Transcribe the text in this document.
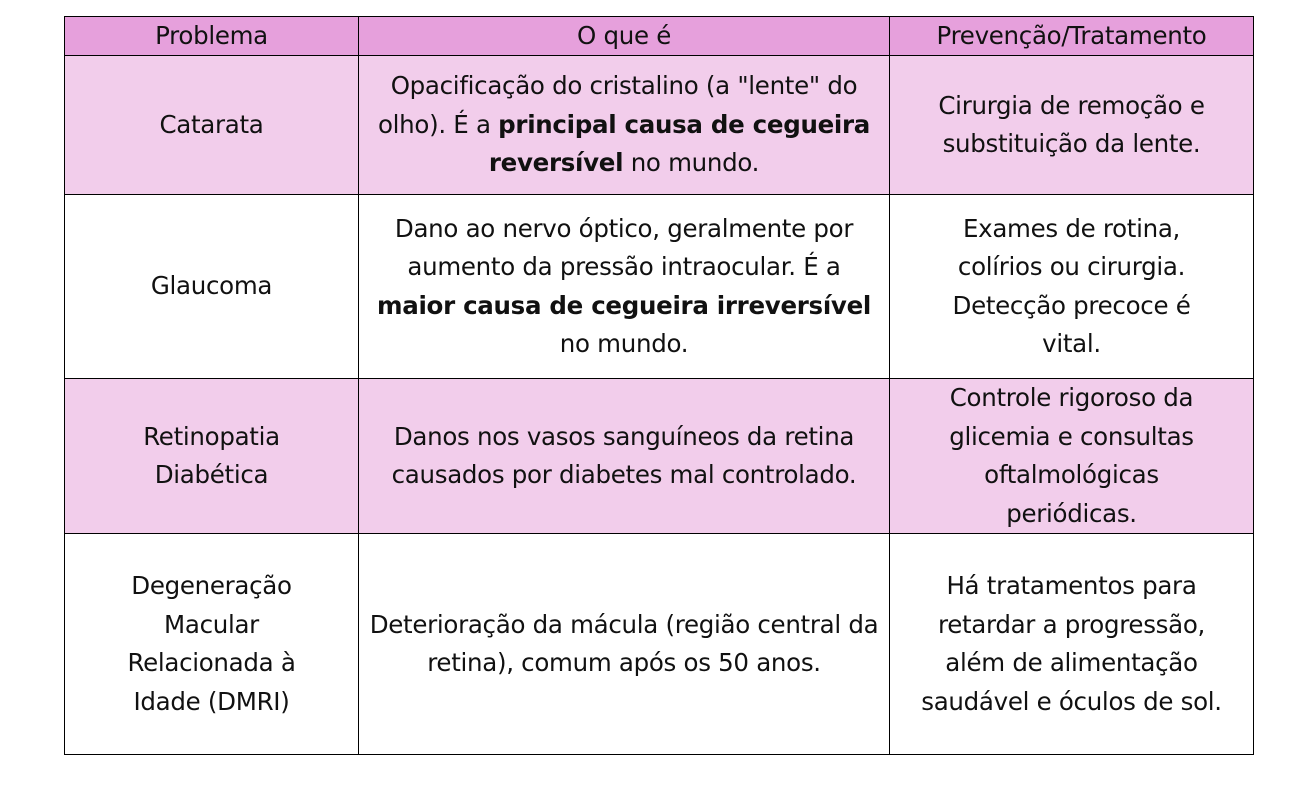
Problema	O que é	Prevenção/Tratamento
Catarata	Opacificação do cristalino (a "lente" do olho). É a principal causa de cegueira reversível no mundo.	Cirurgia de remoção e substituição da lente.
Glaucoma	Dano ao nervo óptico, geralmente por aumento da pressão intraocular. É a maior causa de cegueira irreversível no mundo.	Exames de rotina, colírios ou cirurgia. Detecção precoce é vital.
Retinopatia Diabética	Danos nos vasos sanguíneos da retina causados por diabetes mal controlado.	Controle rigoroso da glicemia e consultas oftalmológicas periódicas.
Degeneração Macular Relacionada à Idade (DMRI)	Deterioração da mácula (região central da retina), comum após os 50 anos.	Há tratamentos para retardar a progressão, além de alimentação saudável e óculos de sol.
